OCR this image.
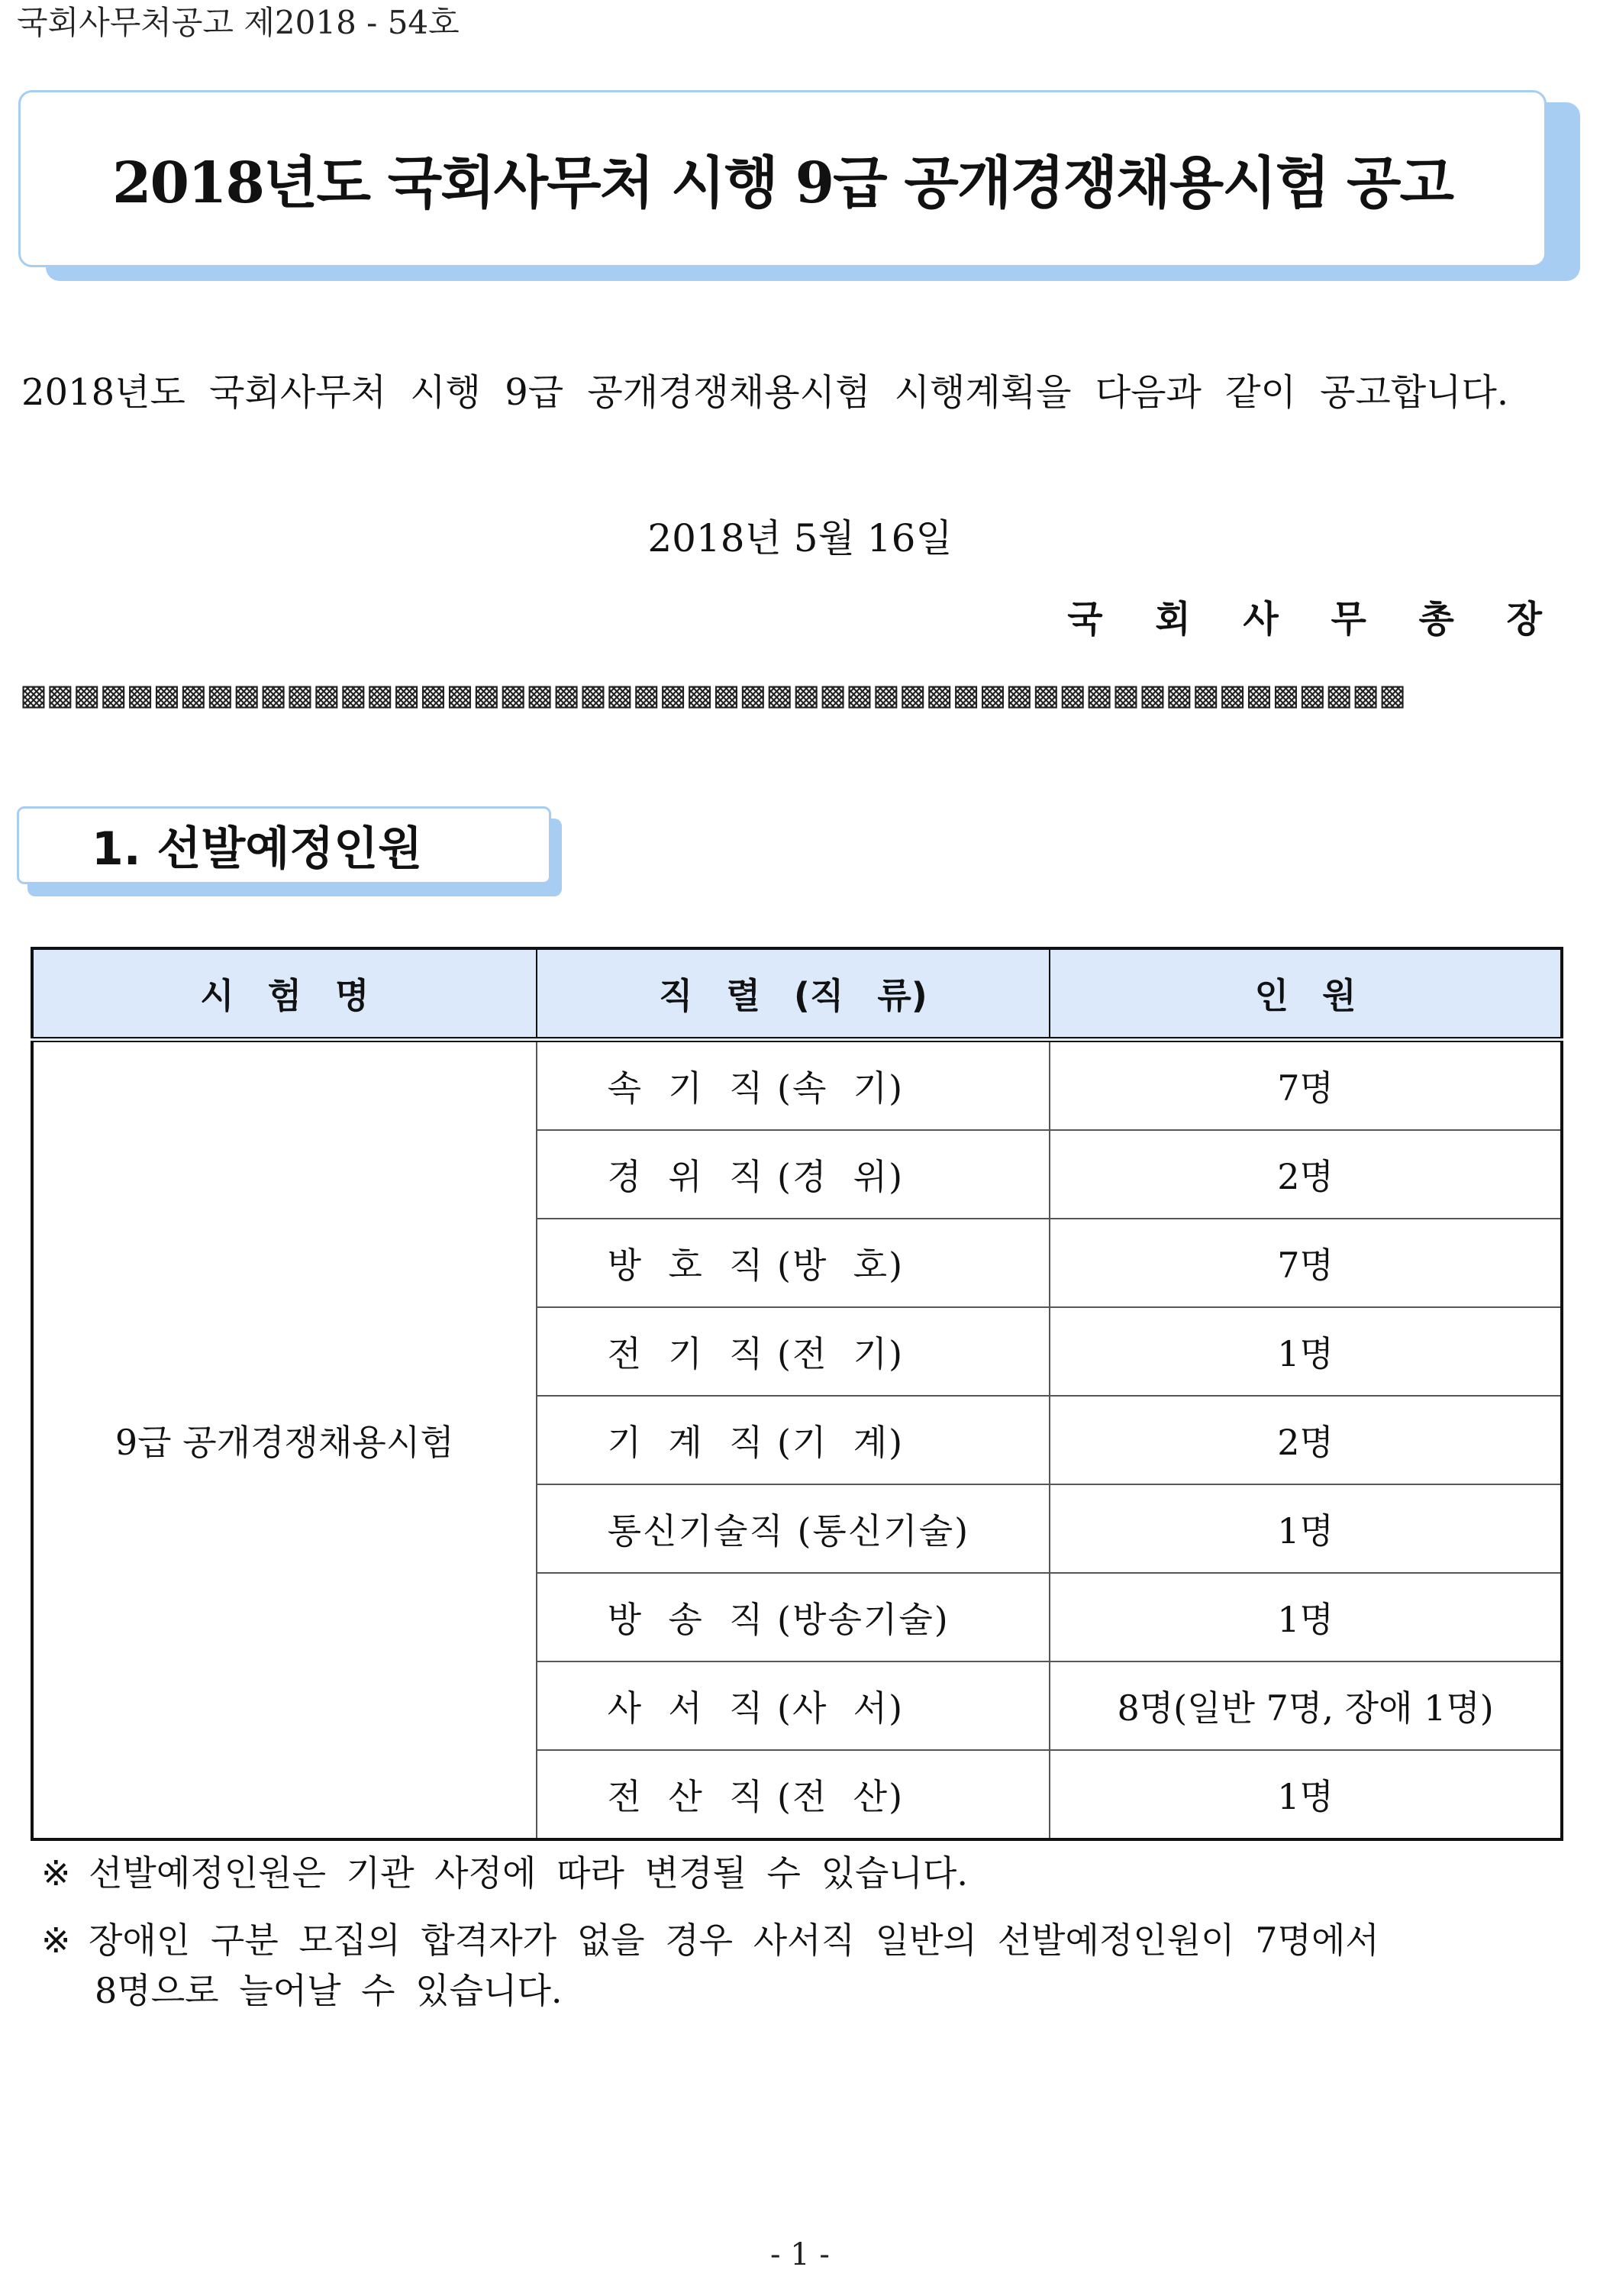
국회사무처공고 제2018 - 54호
2018년도 국회사무처 시행 9급 공개경쟁채용시험 공고
2018년도 국회사무처 시행 9급 공개경쟁채용시험 시행계획을 다음과 같이 공고합니다.
2018년 5월 16일
국 회 사 무 총 장
▩▩▩▩▩▩▩▩▩▩▩▩▩▩▩▩▩▩▩▩▩▩▩▩▩▩▩▩▩▩▩▩▩▩▩▩▩▩▩▩▩▩▩▩▩▩▩▩▩▩▩▩
1. 선발예정인원
시 험 명	직 렬 (직 류)	인 원
9급 공개경쟁채용시험	속  기  직 (속  기)	7명
	경  위  직 (경  위)	2명
	방  호  직 (방  호)	7명
	전  기  직 (전  기)	1명
	기  계  직 (기  계)	2명
	통신기술직 (통신기술)	1명
	방  송  직 (방송기술)	1명
	사  서  직 (사  서)	8명(일반 7명, 장애 1명)
	전  산  직 (전  산)	1명
※ 선발예정인원은 기관 사정에 따라 변경될 수 있습니다.
※ 장애인 구분 모집의 합격자가 없을 경우 사서직 일반의 선발예정인원이 7명에서
8명으로 늘어날 수 있습니다.
- 1 -
